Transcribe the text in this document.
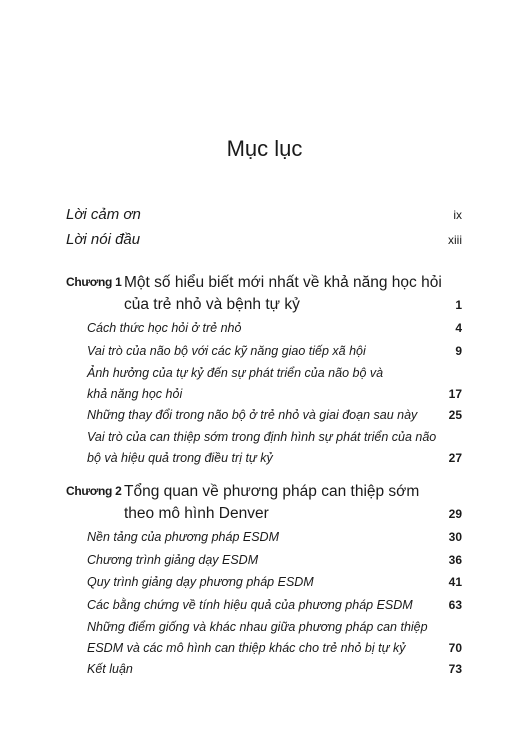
Mục lục
Lời cảm ơn	ix
Lời nói đầu	xiii
Chương 1 Một số hiểu biết mới nhất về khả năng học hỏi
của trẻ nhỏ và bệnh tự kỷ	1
Cách thức học hỏi ở trẻ nhỏ	4
Vai trò của não bộ với các kỹ năng giao tiếp xã hội	9
Ảnh hưởng của tự kỷ đến sự phát triển của não bộ và
khả năng học hỏi	17
Những thay đổi trong não bộ ở trẻ nhỏ và giai đoạn sau này	25
Vai trò của can thiệp sớm trong định hình sự phát triển của não
bộ và hiệu quả trong điều trị tự kỷ	27
Chương 2 Tổng quan về phương pháp can thiệp sớm
theo mô hình Denver	29
Nền tảng của phương pháp ESDM	30
Chương trình giảng dạy ESDM	36
Quy trình giảng dạy phương pháp ESDM	41
Các bằng chứng về tính hiệu quả của phương pháp ESDM	63
Những điểm giống và khác nhau giữa phương pháp can thiệp
ESDM và các mô hình can thiệp khác cho trẻ nhỏ bị tự kỷ	70
Kết luận	73
